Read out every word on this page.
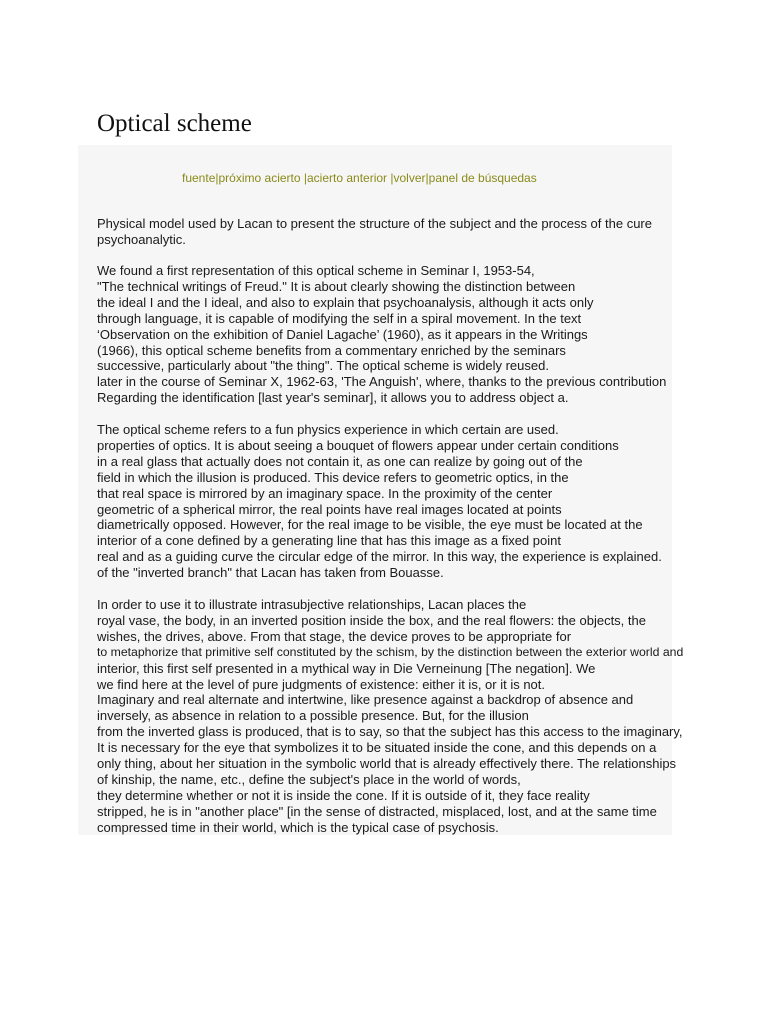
Optical scheme
fuente|próximo acierto |acierto anterior |volver|panel de búsquedas

Physical model used by Lacan to present the structure of the subject and the process of the cure
psychoanalytic.

We found a first representation of this optical scheme in Seminar I, 1953-54,
"The technical writings of Freud." It is about clearly showing the distinction between
the ideal I and the I ideal, and also to explain that psychoanalysis, although it acts only
through language, it is capable of modifying the self in a spiral movement. In the text
‘Observation on the exhibition of Daniel Lagache’ (1960), as it appears in the Writings
(1966), this optical scheme benefits from a commentary enriched by the seminars
successive, particularly about "the thing". The optical scheme is widely reused.
later in the course of Seminar X, 1962-63, 'The Anguish', where, thanks to the previous contribution
Regarding the identification [last year's seminar], it allows you to address object a.

The optical scheme refers to a fun physics experience in which certain are used.
properties of optics. It is about seeing a bouquet of flowers appear under certain conditions
in a real glass that actually does not contain it, as one can realize by going out of the
field in which the illusion is produced. This device refers to geometric optics, in the
that real space is mirrored by an imaginary space. In the proximity of the center
geometric of a spherical mirror, the real points have real images located at points
diametrically opposed. However, for the real image to be visible, the eye must be located at the
interior of a cone defined by a generating line that has this image as a fixed point
real and as a guiding curve the circular edge of the mirror. In this way, the experience is explained.
of the "inverted branch" that Lacan has taken from Bouasse.

In order to use it to illustrate intrasubjective relationships, Lacan places the
royal vase, the body, in an inverted position inside the box, and the real flowers: the objects, the
wishes, the drives, above. From that stage, the device proves to be appropriate for
to metaphorize that primitive self constituted by the schism, by the distinction between the exterior world and
interior, this first self presented in a mythical way in Die Verneinung [The negation]. We
we find here at the level of pure judgments of existence: either it is, or it is not.
Imaginary and real alternate and intertwine, like presence against a backdrop of absence and
inversely, as absence in relation to a possible presence. But, for the illusion
from the inverted glass is produced, that is to say, so that the subject has this access to the imaginary,
It is necessary for the eye that symbolizes it to be situated inside the cone, and this depends on a
only thing, about her situation in the symbolic world that is already effectively there. The relationships
of kinship, the name, etc., define the subject's place in the world of words,
they determine whether or not it is inside the cone. If it is outside of it, they face reality
stripped, he is in "another place" [in the sense of distracted, misplaced, lost, and at the same time
compressed time in their world, which is the typical case of psychosis.
